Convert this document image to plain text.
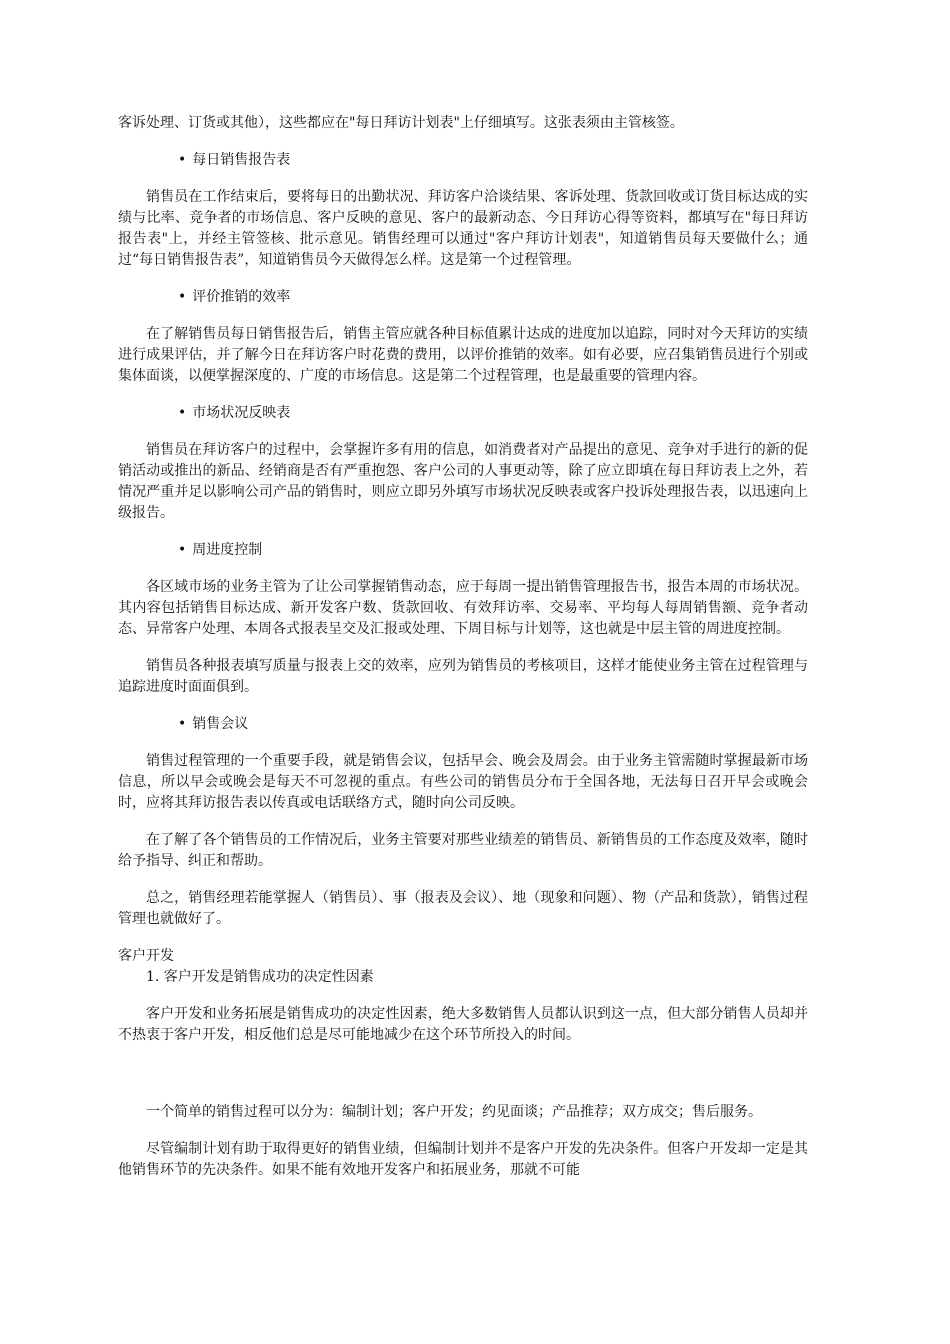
客诉处理、订货或其他），这些都应在"每日拜访计划表"上仔细填写。这张表须由主管核签。

• 每日销售报告表

销售员在工作结束后，要将每日的出勤状况、拜访客户洽谈结果、客诉处理、货款回收或订货目标达成的实绩与比率、竞争者的市场信息、客户反映的意见、客户的最新动态、今日拜访心得等资料，都填写在"每日拜访报告表"上，并经主管签核、批示意见。销售经理可以通过"客户拜访计划表"，知道销售员每天要做什么；通过“每日销售报告表”，知道销售员今天做得怎么样。这是第一个过程管理。

• 评价推销的效率

在了解销售员每日销售报告后，销售主管应就各种目标值累计达成的进度加以追踪，同时对今天拜访的实绩进行成果评估，并了解今日在拜访客户时花费的费用，以评价推销的效率。如有必要，应召集销售员进行个别或集体面谈，以便掌握深度的、广度的市场信息。这是第二个过程管理，也是最重要的管理内容。

• 市场状况反映表

销售员在拜访客户的过程中，会掌握许多有用的信息，如消费者对产品提出的意见、竞争对手进行的新的促销活动或推出的新品、经销商是否有严重抱怨、客户公司的人事更动等，除了应立即填在每日拜访表上之外，若情况严重并足以影响公司产品的销售时，则应立即另外填写市场状况反映表或客户投诉处理报告表，以迅速向上级报告。

• 周进度控制

各区域市场的业务主管为了让公司掌握销售动态，应于每周一提出销售管理报告书，报告本周的市场状况。其内容包括销售目标达成、新开发客户数、货款回收、有效拜访率、交易率、平均每人每周销售额、竞争者动态、异常客户处理、本周各式报表呈交及汇报或处理、下周目标与计划等，这也就是中层主管的周进度控制。

销售员各种报表填写质量与报表上交的效率，应列为销售员的考核项目，这样才能使业务主管在过程管理与追踪进度时面面俱到。

• 销售会议

销售过程管理的一个重要手段，就是销售会议，包括早会、晚会及周会。由于业务主管需随时掌握最新市场信息，所以早会或晚会是每天不可忽视的重点。有些公司的销售员分布于全国各地，无法每日召开早会或晚会时，应将其拜访报告表以传真或电话联络方式，随时向公司反映。

在了解了各个销售员的工作情况后，业务主管要对那些业绩差的销售员、新销售员的工作态度及效率，随时给予指导、纠正和帮助。

总之，销售经理若能掌握人（销售员）、事（报表及会议）、地（现象和问题）、物（产品和货款），销售过程管理也就做好了。

客户开发

1. 客户开发是销售成功的决定性因素

客户开发和业务拓展是销售成功的决定性因素，绝大多数销售人员都认识到这一点，但大部分销售人员却并不热衷于客户开发，相反他们总是尽可能地减少在这个环节所投入的时间。

一个简单的销售过程可以分为：编制计划；客户开发；约见面谈；产品推荐；双方成交；售后服务。

尽管编制计划有助于取得更好的销售业绩，但编制计划并不是客户开发的先决条件。但客户开发却一定是其他销售环节的先决条件。如果不能有效地开发客户和拓展业务，那就不可能
